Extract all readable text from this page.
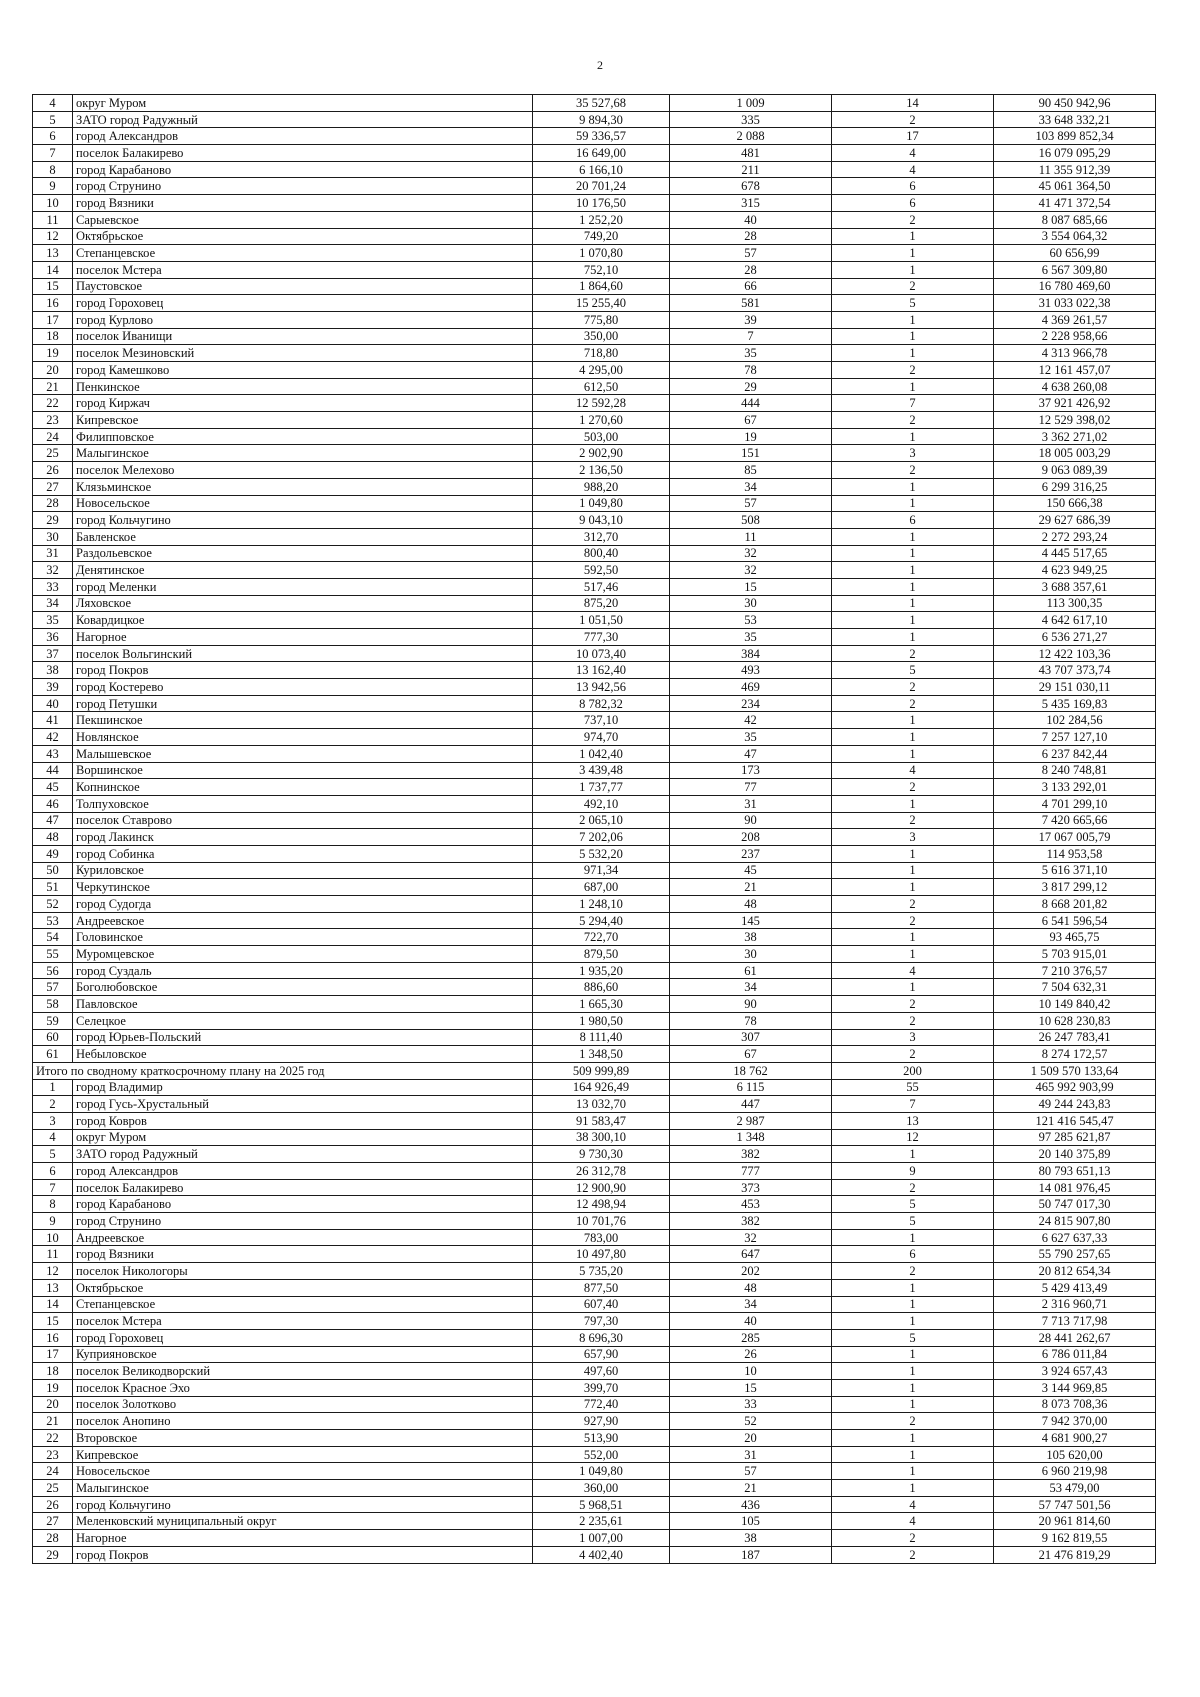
2
4	округ Муром	35 527,68	1 009	14	90 450 942,96
5	ЗАТО город Радужный	9 894,30	335	2	33 648 332,21
6	город Александров	59 336,57	2 088	17	103 899 852,34
7	поселок Балакирево	16 649,00	481	4	16 079 095,29
8	город Карабаново	6 166,10	211	4	11 355 912,39
9	город Струнино	20 701,24	678	6	45 061 364,50
10	город Вязники	10 176,50	315	6	41 471 372,54
11	Сарыевское	1 252,20	40	2	8 087 685,66
12	Октябрьское	749,20	28	1	3 554 064,32
13	Степанцевское	1 070,80	57	1	60 656,99
14	поселок Мстера	752,10	28	1	6 567 309,80
15	Паустовское	1 864,60	66	2	16 780 469,60
16	город Гороховец	15 255,40	581	5	31 033 022,38
17	город Курлово	775,80	39	1	4 369 261,57
18	поселок Иванищи	350,00	7	1	2 228 958,66
19	поселок Мезиновский	718,80	35	1	4 313 966,78
20	город Камешково	4 295,00	78	2	12 161 457,07
21	Пенкинское	612,50	29	1	4 638 260,08
22	город Киржач	12 592,28	444	7	37 921 426,92
23	Кипревское	1 270,60	67	2	12 529 398,02
24	Филипповское	503,00	19	1	3 362 271,02
25	Малыгинское	2 902,90	151	3	18 005 003,29
26	поселок Мелехово	2 136,50	85	2	9 063 089,39
27	Клязьминское	988,20	34	1	6 299 316,25
28	Новосельское	1 049,80	57	1	150 666,38
29	город Кольчугино	9 043,10	508	6	29 627 686,39
30	Бавленское	312,70	11	1	2 272 293,24
31	Раздольевское	800,40	32	1	4 445 517,65
32	Денятинское	592,50	32	1	4 623 949,25
33	город Меленки	517,46	15	1	3 688 357,61
34	Ляховское	875,20	30	1	113 300,35
35	Ковардицкое	1 051,50	53	1	4 642 617,10
36	Нагорное	777,30	35	1	6 536 271,27
37	поселок Вольгинский	10 073,40	384	2	12 422 103,36
38	город Покров	13 162,40	493	5	43 707 373,74
39	город Костерево	13 942,56	469	2	29 151 030,11
40	город Петушки	8 782,32	234	2	5 435 169,83
41	Пекшинское	737,10	42	1	102 284,56
42	Новлянское	974,70	35	1	7 257 127,10
43	Малышевское	1 042,40	47	1	6 237 842,44
44	Воршинское	3 439,48	173	4	8 240 748,81
45	Копнинское	1 737,77	77	2	3 133 292,01
46	Толпуховское	492,10	31	1	4 701 299,10
47	поселок Ставрово	2 065,10	90	2	7 420 665,66
48	город Лакинск	7 202,06	208	3	17 067 005,79
49	город Собинка	5 532,20	237	1	114 953,58
50	Куриловское	971,34	45	1	5 616 371,10
51	Черкутинское	687,00	21	1	3 817 299,12
52	город Судогда	1 248,10	48	2	8 668 201,82
53	Андреевское	5 294,40	145	2	6 541 596,54
54	Головинское	722,70	38	1	93 465,75
55	Муромцевское	879,50	30	1	5 703 915,01
56	город Суздаль	1 935,20	61	4	7 210 376,57
57	Боголюбовское	886,60	34	1	7 504 632,31
58	Павловское	1 665,30	90	2	10 149 840,42
59	Селецкое	1 980,50	78	2	10 628 230,83
60	город Юрьев-Польский	8 111,40	307	3	26 247 783,41
61	Небыловское	1 348,50	67	2	8 274 172,57
Итого по сводному краткосрочному плану на 2025 год		509 999,89	18 762	200	1 509 570 133,64
1	город Владимир	164 926,49	6 115	55	465 992 903,99
2	город Гусь-Хрустальный	13 032,70	447	7	49 244 243,83
3	город Ковров	91 583,47	2 987	13	121 416 545,47
4	округ Муром	38 300,10	1 348	12	97 285 621,87
5	ЗАТО город Радужный	9 730,30	382	1	20 140 375,89
6	город Александров	26 312,78	777	9	80 793 651,13
7	поселок Балакирево	12 900,90	373	2	14 081 976,45
8	город Карабаново	12 498,94	453	5	50 747 017,30
9	город Струнино	10 701,76	382	5	24 815 907,80
10	Андреевское	783,00	32	1	6 627 637,33
11	город Вязники	10 497,80	647	6	55 790 257,65
12	поселок Никологоры	5 735,20	202	2	20 812 654,34
13	Октябрьское	877,50	48	1	5 429 413,49
14	Степанцевское	607,40	34	1	2 316 960,71
15	поселок Мстера	797,30	40	1	7 713 717,98
16	город Гороховец	8 696,30	285	5	28 441 262,67
17	Куприяновское	657,90	26	1	6 786 011,84
18	поселок Великодворский	497,60	10	1	3 924 657,43
19	поселок Красное Эхо	399,70	15	1	3 144 969,85
20	поселок Золотково	772,40	33	1	8 073 708,36
21	поселок Анопино	927,90	52	2	7 942 370,00
22	Второвское	513,90	20	1	4 681 900,27
23	Кипревское	552,00	31	1	105 620,00
24	Новосельское	1 049,80	57	1	6 960 219,98
25	Малыгинское	360,00	21	1	53 479,00
26	город Кольчугино	5 968,51	436	4	57 747 501,56
27	Меленковский муниципальный округ	2 235,61	105	4	20 961 814,60
28	Нагорное	1 007,00	38	2	9 162 819,55
29	город Покров	4 402,40	187	2	21 476 819,29
